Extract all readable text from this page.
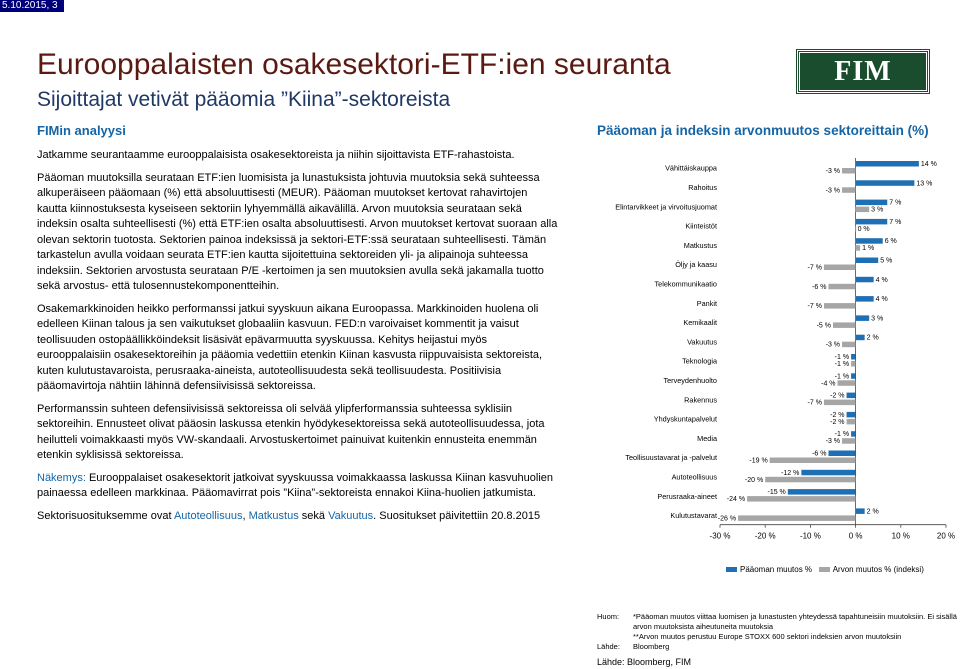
5.10.2015, 3
Eurooppalaisten osakesektori-ETF:ien seuranta
Sijoittajat vetivät pääomia ”Kiina”-sektoreista
FIM
FIMin analyysi	Pääoman ja indeksin arvonmuutos sektoreittain (%)

Jatkamme seurantaamme eurooppalaisista osakesektoreista ja niihin sijoittavista ETF-rahastoista.

Pääoman muutoksilla seurataan ETF:ien luomisista ja lunastuksista johtuvia muutoksia sekä suhteessa alkuperäiseen pääomaan (%) että absoluuttisesti (MEUR). Pääoman muutokset kertovat rahavirtojen kautta kiinnostuksesta kyseiseen sektoriin lyhyemmällä aikavälillä. Arvon muutoksia seurataan sekä indeksin osalta suhteellisesti (%) että ETF:ien osalta absoluuttisesti. Arvon muutokset kertovat suoraan alla olevan sektorin tuotosta. Sektorien painoa indeksissä ja sektori-ETF:ssä seurataan suhteellisesti. Tämän tarkastelun avulla voidaan seurata ETF:ien kautta sijoitettuina sektoreiden yli- ja alipainoja suhteessa indeksiin. Sektorien arvostusta seurataan P/E -kertoimen ja sen muutoksien avulla sekä jakamalla tuotto sekä arvostus- että tulosennustekomponentteihin.

Osakemarkkinoiden heikko performanssi jatkui syyskuun aikana Euroopassa. Markkinoiden huolena oli edelleen Kiinan talous ja sen vaikutukset globaaliin kasvuun. FED:n varoivaiset kommentit ja vaisut teollisuuden ostopäällikköindeksit lisäsivät epävarmuutta syyskuussa. Kehitys heijastui myös eurooppalaisiin osakesektoreihin ja pääomia vedettiin etenkin Kiinan kasvusta riippuvaisista sektoreista, kuten kulutustavaroista, perusraaka-aineista, autoteollisuudesta sekä teollisuudesta. Positiivisia pääomavirtoja nähtiin lähinnä defensiivisissä sektoreissa.

Performanssin suhteen defensiivisissä sektoreissa oli selvää ylipferformanssia suhteessa syklisiin sektoreihin. Ennusteet olivat pääosin laskussa etenkin hyödykesektoreissa sekä autoteollisuudessa, jota heilutteli voimakkaasti myös VW-skandaali. Arvostuskertoimet painuivat kuitenkin ennusteita enemmän etenkin syklisissä sektoreissa.

Näkemys: Eurooppalaiset osakesektorit jatkoivat syyskuussa voimakkaassa laskussa Kiinan kasvuhuolien painaessa edelleen markkinaa. Pääomavirrat pois ”Kiina”-sektoreista ennakoi Kiina-huolien jatkumista.

Sektorisuosituksemme ovat Autoteollisuus, Matkustus sekä Vakuutus. Suositukset päivitettiin 20.8.2015

-30 %	-20 %	-10 %	0 %	10 %	20 %
Vähittäiskauppa	14 %
-3 %
Rahoitus	13 %
-3 %
Elintarvikkeet ja virvoitusjuomat	7 %
3 %
Kiinteistöt	7 %
0 %
Matkustus	6 %
1 %
Öljy ja kaasu	5 %
-7 %
Telekommunikaatio	4 %
-6 %
Pankit	4 %
-7 %
Kemikaalit	3 %
-5 %
Vakuutus	2 %
-3 %
Teknologia	-1 %
-1 %
Terveydenhuolto	-1 %
-4 %
Rakennus	-2 %
-7 %
Yhdyskuntapalvelut	-2 %
-2 %
Media	-1 %
-3 %
Teollisuustavarat ja -palvelut	-6 %
-19 %
Autoteollisuus	-12 %
-20 %
Perusraaka-aineet	-15 %
-24 %
Kulutustavarat	2 %
-26 %
Pääoman muutos %	Arvon muutos % (indeksi)
Huom: *Pääoman muutos viittaa luomisen ja lunastusten yhteydessä tapahtuneisiin muutoksiin. Ei sisällä arvon muutoksista aiheutuneita muutoksia
**Arvon muutos perustuu Europe STOXX 600 sektori indeksien arvon muutoksiin
Bloomberg
Lähde:
Lähde: Bloomberg, FIM
